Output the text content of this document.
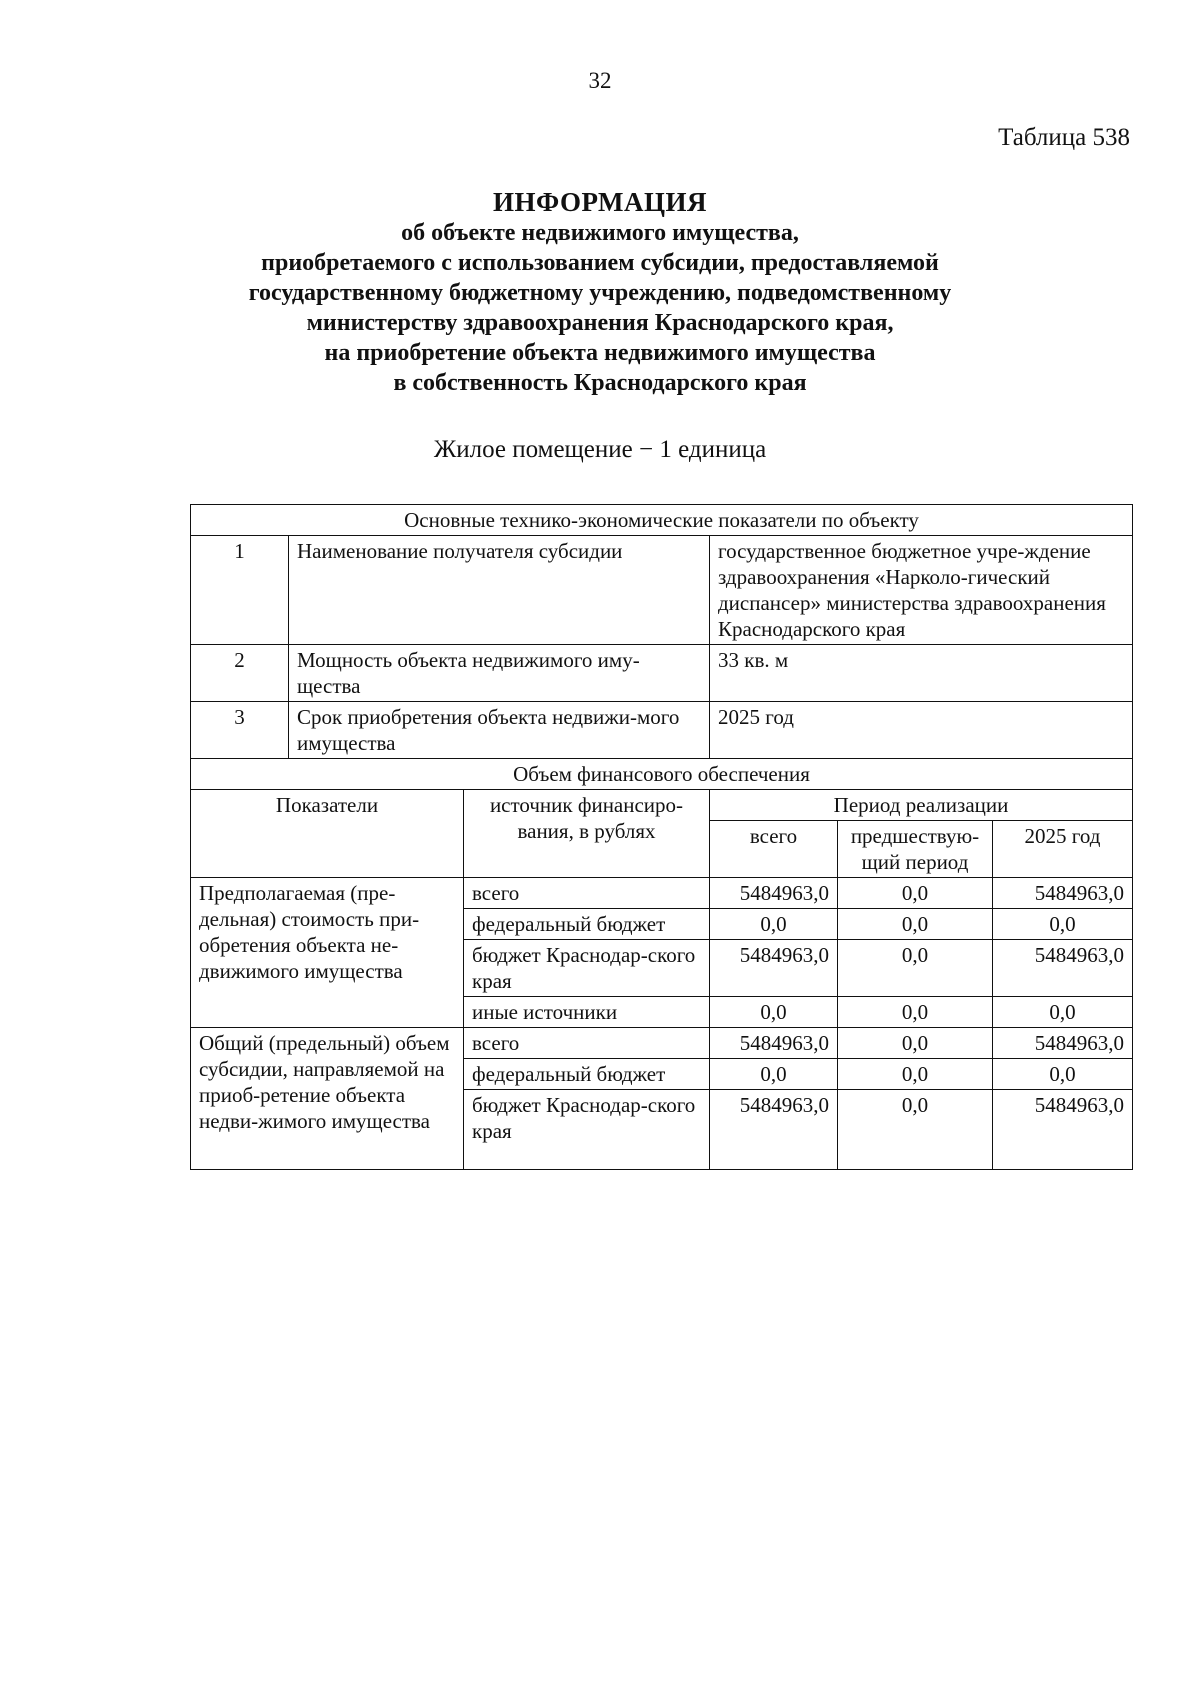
32
Таблица 538
ИНФОРМАЦИЯ
об объекте недвижимого имущества,
приобретаемого с использованием субсидии, предоставляемой
государственному бюджетному учреждению, подведомственному
министерству здравоохранения Краснодарского края,
на приобретение объекта недвижимого имущества
в собственность Краснодарского края
Жилое помещение − 1 единица
Основные технико-экономические показатели по объекту					
1	Наименование получателя субсидии		государственное бюджетное учре-ждение здравоохранения «Нарколо-гический диспансер» министерства здравоохранения Краснодарского края		
2	Мощность объекта недвижимого иму-щества		33 кв. м		
3	Срок приобретения объекта недвижи-мого имущества		2025 год		
Объем финансового обеспечения					
Показатели		источник финансиро-вания, в рублях	Период реализации		
			всего	предшествую-щий период	2025 год
Предполагаемая (пре-дельная) стоимость при-обретения объекта не-движимого имущества		всего	5484963,0	0,0	5484963,0
		федеральный бюджет	0,0	0,0	0,0
		бюджет Краснодар-ского края	5484963,0	0,0	5484963,0
		иные источники	0,0	0,0	0,0
Общий (предельный) объем субсидии, направляемой на приоб-ретение объекта недви-жимого имущества		всего	5484963,0	0,0	5484963,0
		федеральный бюджет	0,0	0,0	0,0
		бюджет Краснодар-ского края	5484963,0	0,0	5484963,0
